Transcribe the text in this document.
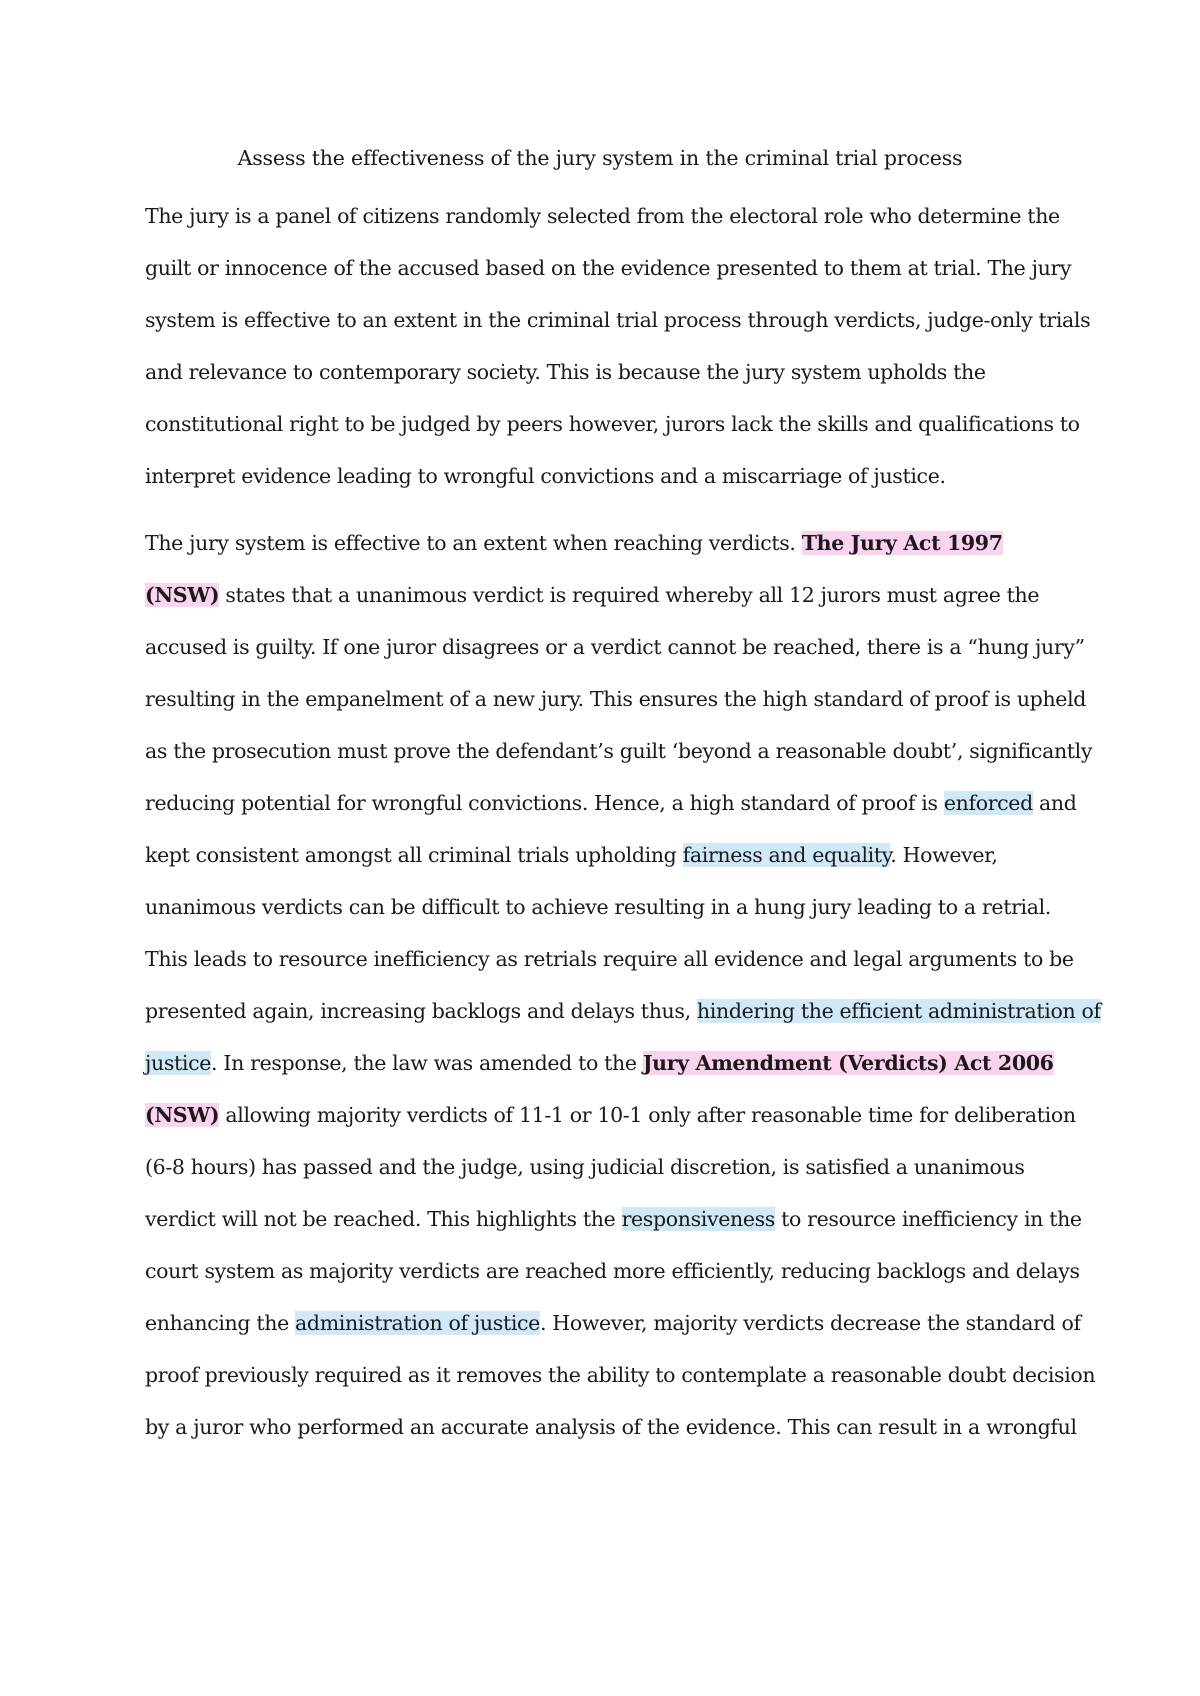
Assess the effectiveness of the jury system in the criminal trial process
The jury is a panel of citizens randomly selected from the electoral role who determine the
guilt or innocence of the accused based on the evidence presented to them at trial. The jury
system is effective to an extent in the criminal trial process through verdicts, judge-only trials
and relevance to contemporary society. This is because the jury system upholds the
constitutional right to be judged by peers however, jurors lack the skills and qualifications to
interpret evidence leading to wrongful convictions and a miscarriage of justice.
The jury system is effective to an extent when reaching verdicts. The Jury Act 1997
(NSW) states that a unanimous verdict is required whereby all 12 jurors must agree the
accused is guilty. If one juror disagrees or a verdict cannot be reached, there is a “hung jury”
resulting in the empanelment of a new jury. This ensures the high standard of proof is upheld
as the prosecution must prove the defendant’s guilt ‘beyond a reasonable doubt’, significantly
reducing potential for wrongful convictions. Hence, a high standard of proof is enforced and
kept consistent amongst all criminal trials upholding fairness and equality. However,
unanimous verdicts can be difficult to achieve resulting in a hung jury leading to a retrial.
This leads to resource inefficiency as retrials require all evidence and legal arguments to be
presented again, increasing backlogs and delays thus, hindering the efficient administration of
justice. In response, the law was amended to the Jury Amendment (Verdicts) Act 2006
(NSW) allowing majority verdicts of 11-1 or 10-1 only after reasonable time for deliberation
(6-8 hours) has passed and the judge, using judicial discretion, is satisfied a unanimous
verdict will not be reached. This highlights the responsiveness to resource inefficiency in the
court system as majority verdicts are reached more efficiently, reducing backlogs and delays
enhancing the administration of justice. However, majority verdicts decrease the standard of
proof previously required as it removes the ability to contemplate a reasonable doubt decision
by a juror who performed an accurate analysis of the evidence. This can result in a wrongful
